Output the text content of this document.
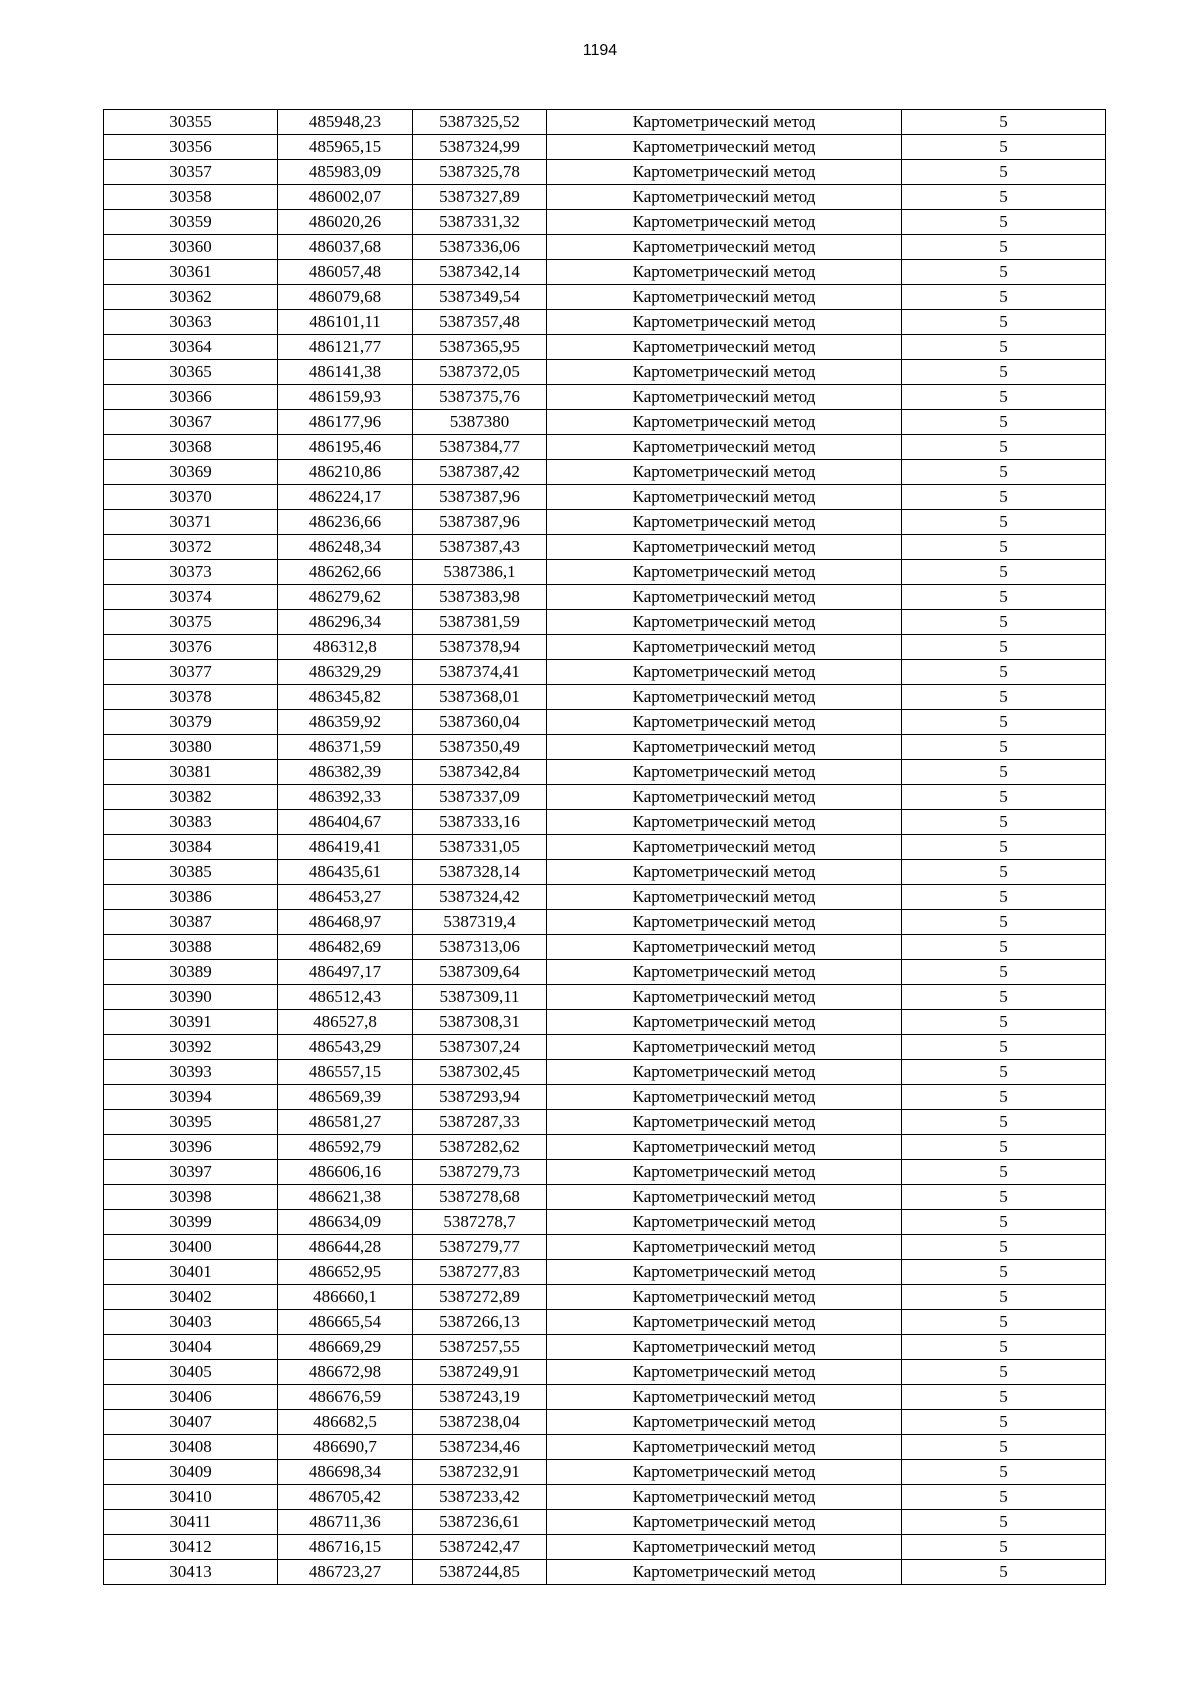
1194
30355	485948,23	5387325,52	Картометрический метод	5
30356	485965,15	5387324,99	Картометрический метод	5
30357	485983,09	5387325,78	Картометрический метод	5
30358	486002,07	5387327,89	Картометрический метод	5
30359	486020,26	5387331,32	Картометрический метод	5
30360	486037,68	5387336,06	Картометрический метод	5
30361	486057,48	5387342,14	Картометрический метод	5
30362	486079,68	5387349,54	Картометрический метод	5
30363	486101,11	5387357,48	Картометрический метод	5
30364	486121,77	5387365,95	Картометрический метод	5
30365	486141,38	5387372,05	Картометрический метод	5
30366	486159,93	5387375,76	Картометрический метод	5
30367	486177,96	5387380	Картометрический метод	5
30368	486195,46	5387384,77	Картометрический метод	5
30369	486210,86	5387387,42	Картометрический метод	5
30370	486224,17	5387387,96	Картометрический метод	5
30371	486236,66	5387387,96	Картометрический метод	5
30372	486248,34	5387387,43	Картометрический метод	5
30373	486262,66	5387386,1	Картометрический метод	5
30374	486279,62	5387383,98	Картометрический метод	5
30375	486296,34	5387381,59	Картометрический метод	5
30376	486312,8	5387378,94	Картометрический метод	5
30377	486329,29	5387374,41	Картометрический метод	5
30378	486345,82	5387368,01	Картометрический метод	5
30379	486359,92	5387360,04	Картометрический метод	5
30380	486371,59	5387350,49	Картометрический метод	5
30381	486382,39	5387342,84	Картометрический метод	5
30382	486392,33	5387337,09	Картометрический метод	5
30383	486404,67	5387333,16	Картометрический метод	5
30384	486419,41	5387331,05	Картометрический метод	5
30385	486435,61	5387328,14	Картометрический метод	5
30386	486453,27	5387324,42	Картометрический метод	5
30387	486468,97	5387319,4	Картометрический метод	5
30388	486482,69	5387313,06	Картометрический метод	5
30389	486497,17	5387309,64	Картометрический метод	5
30390	486512,43	5387309,11	Картометрический метод	5
30391	486527,8	5387308,31	Картометрический метод	5
30392	486543,29	5387307,24	Картометрический метод	5
30393	486557,15	5387302,45	Картометрический метод	5
30394	486569,39	5387293,94	Картометрический метод	5
30395	486581,27	5387287,33	Картометрический метод	5
30396	486592,79	5387282,62	Картометрический метод	5
30397	486606,16	5387279,73	Картометрический метод	5
30398	486621,38	5387278,68	Картометрический метод	5
30399	486634,09	5387278,7	Картометрический метод	5
30400	486644,28	5387279,77	Картометрический метод	5
30401	486652,95	5387277,83	Картометрический метод	5
30402	486660,1	5387272,89	Картометрический метод	5
30403	486665,54	5387266,13	Картометрический метод	5
30404	486669,29	5387257,55	Картометрический метод	5
30405	486672,98	5387249,91	Картометрический метод	5
30406	486676,59	5387243,19	Картометрический метод	5
30407	486682,5	5387238,04	Картометрический метод	5
30408	486690,7	5387234,46	Картометрический метод	5
30409	486698,34	5387232,91	Картометрический метод	5
30410	486705,42	5387233,42	Картометрический метод	5
30411	486711,36	5387236,61	Картометрический метод	5
30412	486716,15	5387242,47	Картометрический метод	5
30413	486723,27	5387244,85	Картометрический метод	5
